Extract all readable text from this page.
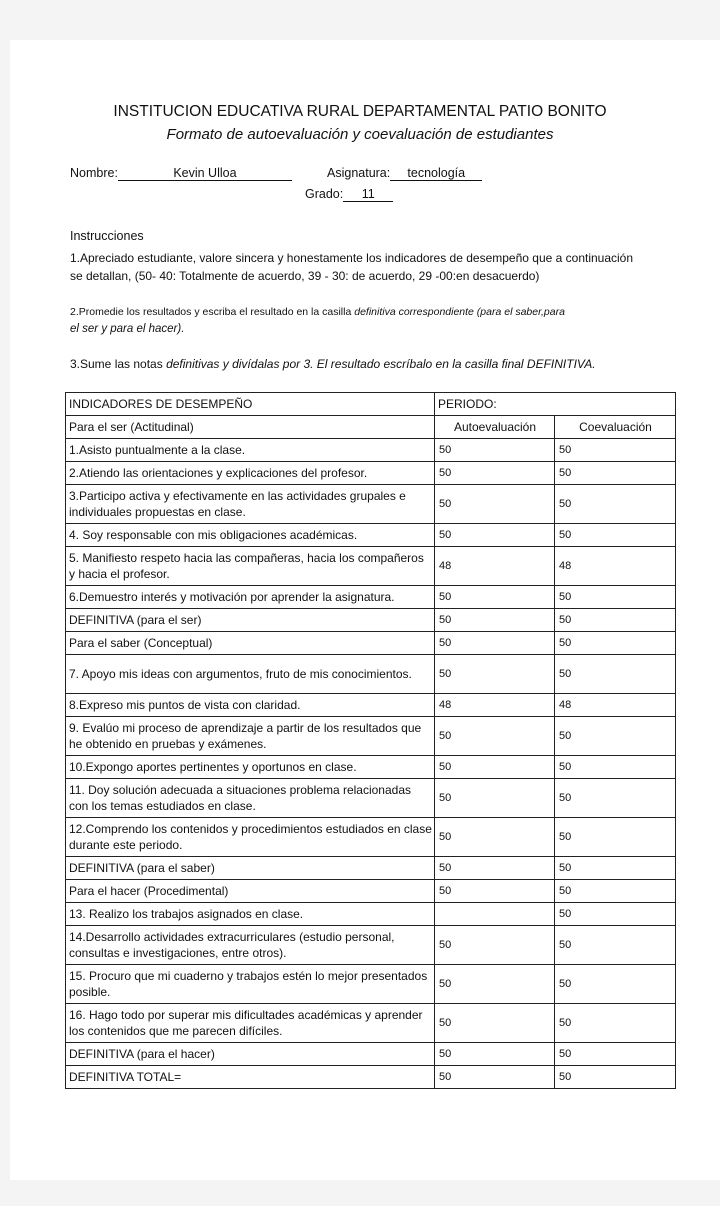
INSTITUCION EDUCATIVA RURAL DEPARTAMENTAL PATIO BONITO
Formato de autoevaluación y coevaluación de estudiantes
Nombre:	Kevin Ulloa	Asignatura: tecnología
Grado: 11
Instrucciones
1.Apreciado estudiante, valore sincera y honestamente los indicadores de desempeño que a continuación
se detallan, (50- 40: Totalmente de acuerdo, 39 - 30: de acuerdo, 29 -00:en desacuerdo)
2.Promedie los resultados y escriba el resultado en la casilla definitiva correspondiente (para el saber,para
el ser y para el hacer).
3.Sume las notas definitivas y divídalas por 3. El resultado escríbalo en la casilla final DEFINITIVA.
INDICADORES DE DESEMPEÑO	PERIODO:	
Para el ser (Actitudinal)	Autoevaluación	Coevaluación
1.Asisto puntualmente a la clase.	50	50
2.Atiendo las orientaciones y explicaciones del profesor.	50	50
3.Participo activa y efectivamente en las actividades grupales e individuales propuestas en clase.	50	50
4. Soy responsable con mis obligaciones académicas.	50	50
5. Manifiesto respeto hacia las compañeras, hacia los compañeros y hacia el profesor.	48	48
6.Demuestro interés y motivación por aprender la asignatura.	50	50
DEFINITIVA (para el ser)	50	50
Para el saber (Conceptual)	50	50
7. Apoyo mis ideas con argumentos, fruto de mis conocimientos.	50	50
8.Expreso mis puntos de vista con claridad.	48	48
9. Evalúo mi proceso de aprendizaje a partir de los resultados que he obtenido en pruebas y exámenes.	50	50
10.Expongo aportes pertinentes y oportunos en clase.	50	50
11. Doy solución adecuada a situaciones problema relacionadas con los temas estudiados en clase.	50	50
12.Comprendo los contenidos y procedimientos estudiados en clase durante este periodo.	50	50
DEFINITIVA (para el saber)	50	50
Para el hacer (Procedimental)	50	50
13. Realizo los trabajos asignados en clase.		50
14.Desarrollo actividades extracurriculares (estudio personal, consultas e investigaciones, entre otros).	50	50
15. Procuro que mi cuaderno y trabajos estén lo mejor presentados posible.	50	50
16. Hago todo por superar mis dificultades académicas y aprender los contenidos que me parecen difíciles.	50	50
DEFINITIVA (para el hacer)	50	50
DEFINITIVA TOTAL=	50	50
